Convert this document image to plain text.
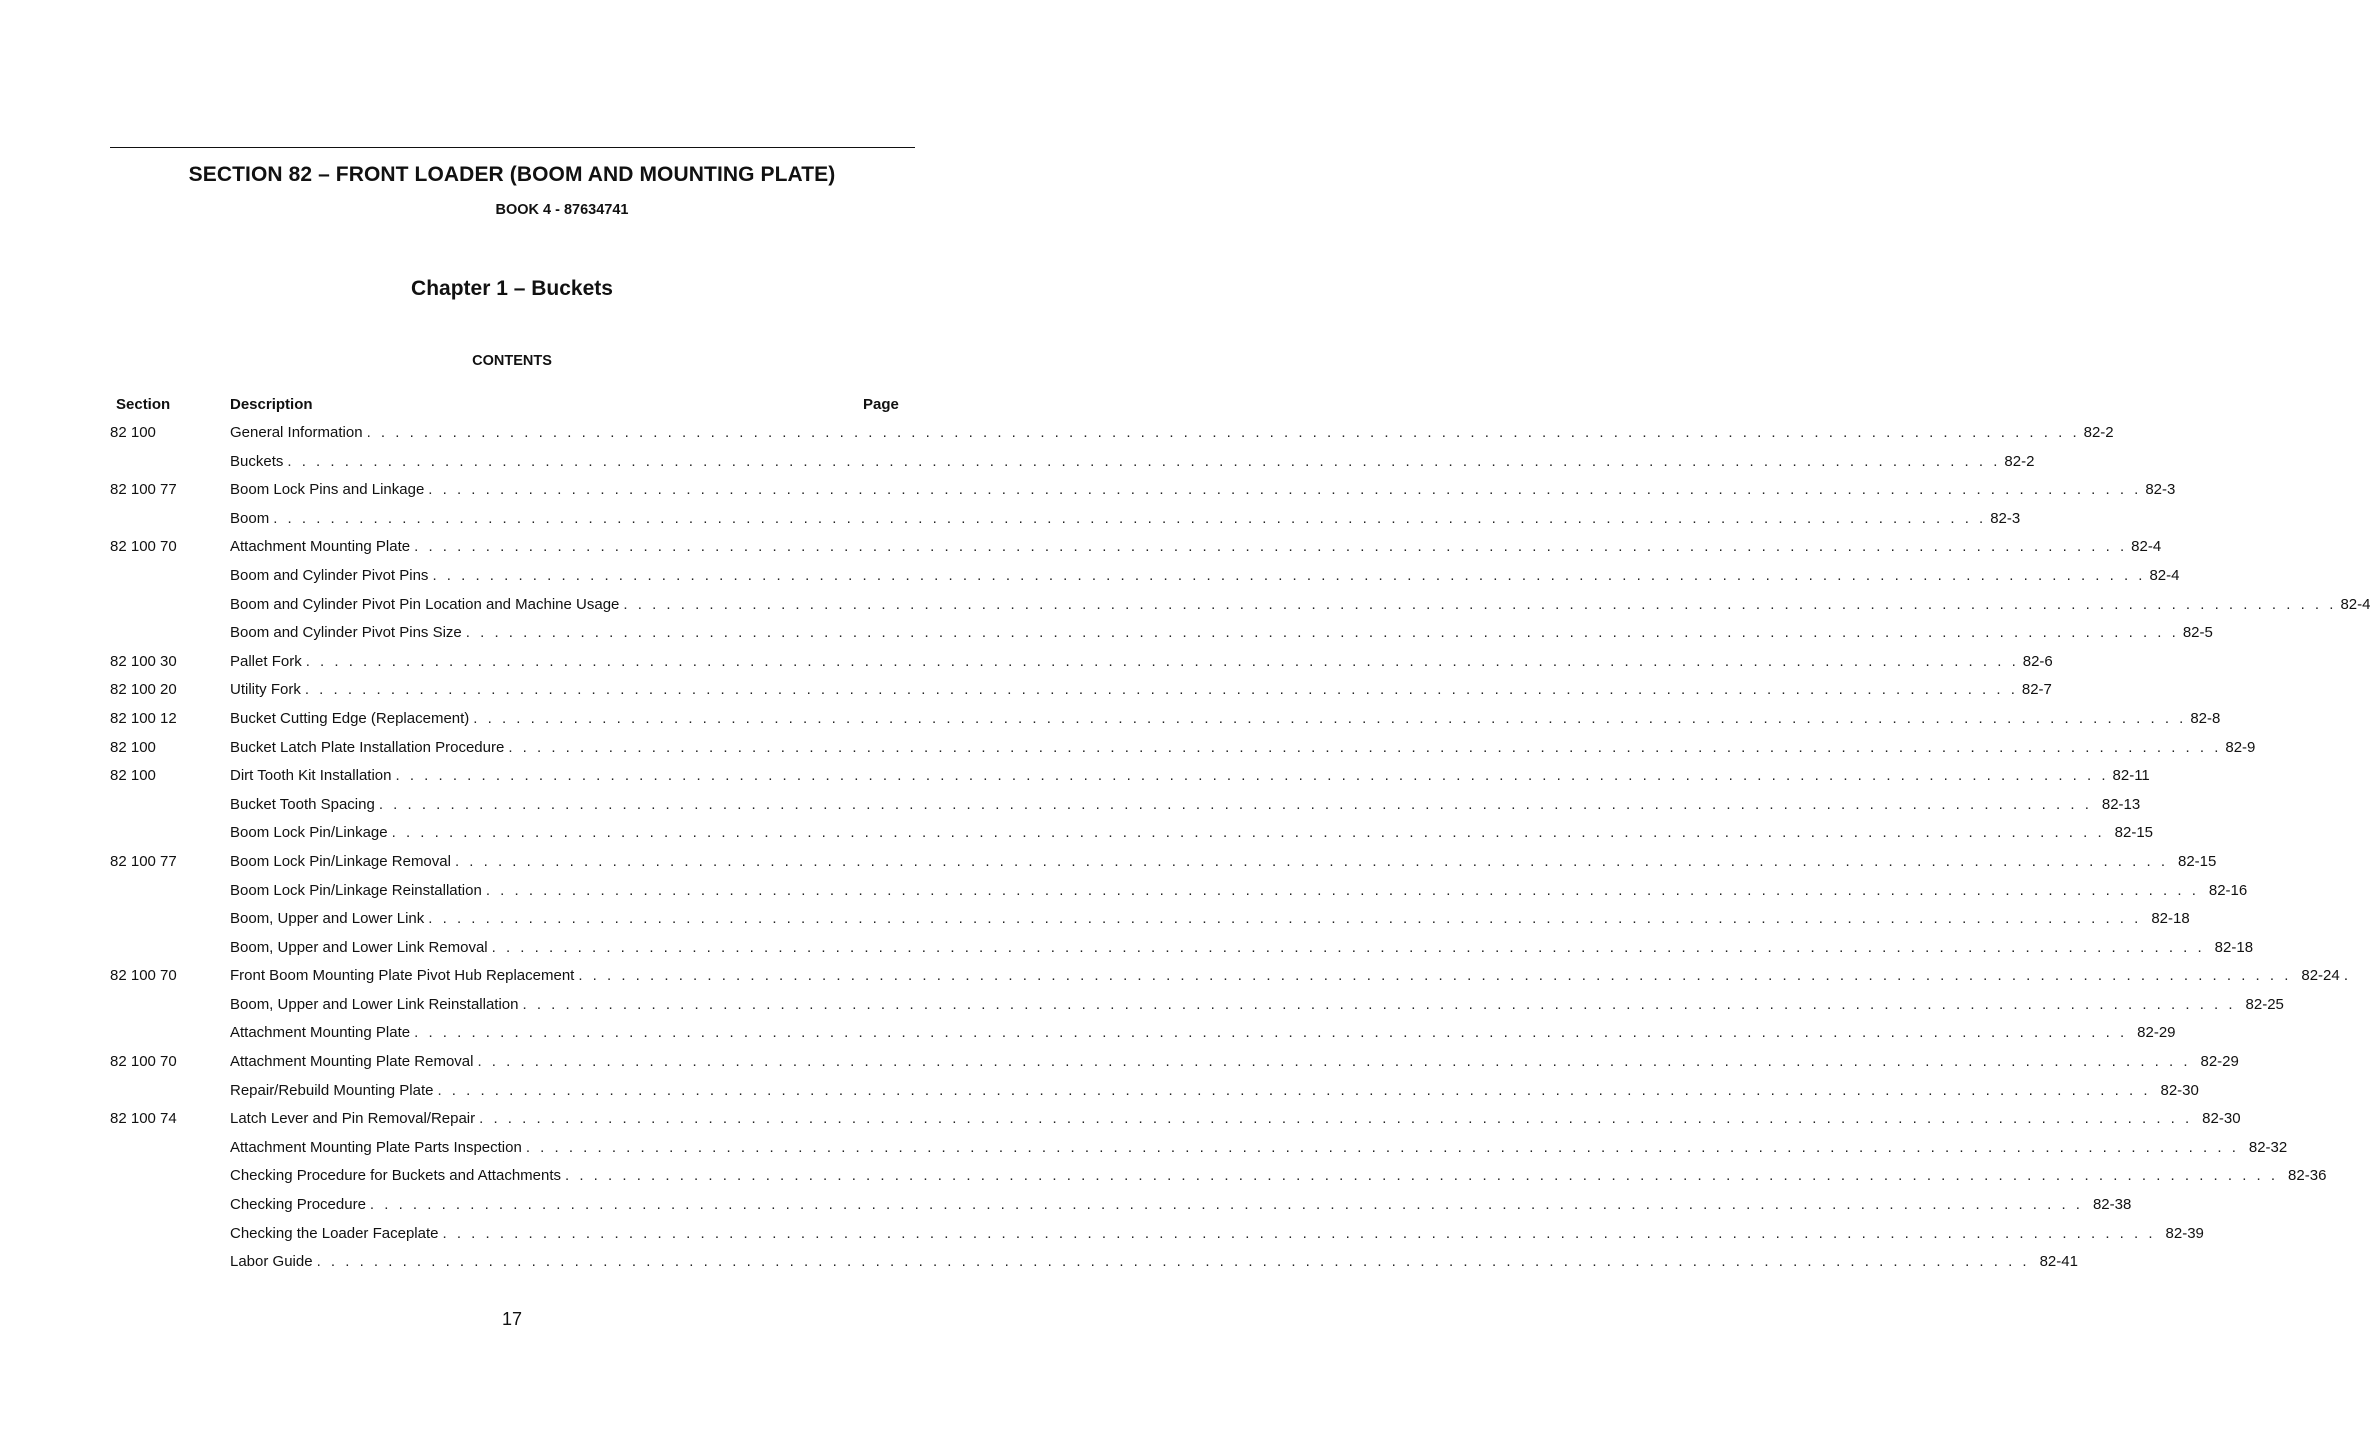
SECTION 82 – FRONT LOADER (BOOM AND MOUNTING PLATE)
BOOK 4 - 87634741
Chapter 1 – Buckets
CONTENTS
Section	Description	Page
82 100	General Information . . . . . . . . . . . . . . . . . . . . . . . . . . . . . . . . . . . . . . . . . . . . . . . . . . . . . . . . . . . . . . . . . . . . . . . . . . . . . . . . . . . . . . . . . . . . . . . . . . . . . . . . . . . . . . . . . . . . . . . . 82-2
Buckets . . . . . . . . . . . . . . . . . . . . . . . . . . . . . . . . . . . . . . . . . . . . . . . . . . . . . . . . . . . . . . . . . . . . . . . . . . . . . . . . . . . . . . . . . . . . . . . . . . . . . . . . . . . . . . . . . . . . . . . . 82-2
82 100 77	Boom Lock Pins and Linkage . . . . . . . . . . . . . . . . . . . . . . . . . . . . . . . . . . . . . . . . . . . . . . . . . . . . . . . . . . . . . . . . . . . . . . . . . . . . . . . . . . . . . . . . . . . . . . . . . . . . . . . . . . . . . . . . . . . . . . . . 82-3
Boom . . . . . . . . . . . . . . . . . . . . . . . . . . . . . . . . . . . . . . . . . . . . . . . . . . . . . . . . . . . . . . . . . . . . . . . . . . . . . . . . . . . . . . . . . . . . . . . . . . . . . . . . . . . . . . . . . . . . . . . . 82-3
82 100 70	Attachment Mounting Plate . . . . . . . . . . . . . . . . . . . . . . . . . . . . . . . . . . . . . . . . . . . . . . . . . . . . . . . . . . . . . . . . . . . . . . . . . . . . . . . . . . . . . . . . . . . . . . . . . . . . . . . . . . . . . . . . . . . . . . . . 82-4
Boom and Cylinder Pivot Pins . . . . . . . . . . . . . . . . . . . . . . . . . . . . . . . . . . . . . . . . . . . . . . . . . . . . . . . . . . . . . . . . . . . . . . . . . . . . . . . . . . . . . . . . . . . . . . . . . . . . . . . . . . . . . . . . . . . . . . . . 82-4
Boom and Cylinder Pivot Pin Location and Machine Usage . . . . . . . . . . . . . . . . . . . . . . . . . . . . . . . . . . . . . . . . . . . . . . . . . . . . . . . . . . . . . . . . . . . . . . . . . . . . . . . . . . . . . . . . . . . . . . . . . . . . . . . . . . . . . . . . . . . . . . . . 82-4
Boom and Cylinder Pivot Pins Size . . . . . . . . . . . . . . . . . . . . . . . . . . . . . . . . . . . . . . . . . . . . . . . . . . . . . . . . . . . . . . . . . . . . . . . . . . . . . . . . . . . . . . . . . . . . . . . . . . . . . . . . . . . . . . . . . . . . . . . . 82-5
82 100 30	Pallet Fork . . . . . . . . . . . . . . . . . . . . . . . . . . . . . . . . . . . . . . . . . . . . . . . . . . . . . . . . . . . . . . . . . . . . . . . . . . . . . . . . . . . . . . . . . . . . . . . . . . . . . . . . . . . . . . . . . . . . . . . . 82-6
82 100 20	Utility Fork . . . . . . . . . . . . . . . . . . . . . . . . . . . . . . . . . . . . . . . . . . . . . . . . . . . . . . . . . . . . . . . . . . . . . . . . . . . . . . . . . . . . . . . . . . . . . . . . . . . . . . . . . . . . . . . . . . . . . . . . 82-7
82 100 12	Bucket Cutting Edge (Replacement) . . . . . . . . . . . . . . . . . . . . . . . . . . . . . . . . . . . . . . . . . . . . . . . . . . . . . . . . . . . . . . . . . . . . . . . . . . . . . . . . . . . . . . . . . . . . . . . . . . . . . . . . . . . . . . . . . . . . . . . . 82-8
82 100	Bucket Latch Plate Installation Procedure . . . . . . . . . . . . . . . . . . . . . . . . . . . . . . . . . . . . . . . . . . . . . . . . . . . . . . . . . . . . . . . . . . . . . . . . . . . . . . . . . . . . . . . . . . . . . . . . . . . . . . . . . . . . . . . . . . . . . . . . 82-9
82 100	Dirt Tooth Kit Installation . . . . . . . . . . . . . . . . . . . . . . . . . . . . . . . . . . . . . . . . . . . . . . . . . . . . . . . . . . . . . . . . . . . . . . . . . . . . . . . . . . . . . . . . . . . . . . . . . . . . . . . . . . . . . . . . . . . . . . . . 82-11
Bucket Tooth Spacing . . . . . . . . . . . . . . . . . . . . . . . . . . . . . . . . . . . . . . . . . . . . . . . . . . . . . . . . . . . . . . . . . . . . . . . . . . . . . . . . . . . . . . . . . . . . . . . . . . . . . . . . . . . . . . . . . . . . . . . . 82-13
Boom Lock Pin/Linkage . . . . . . . . . . . . . . . . . . . . . . . . . . . . . . . . . . . . . . . . . . . . . . . . . . . . . . . . . . . . . . . . . . . . . . . . . . . . . . . . . . . . . . . . . . . . . . . . . . . . . . . . . . . . . . . . . . . . . . . . 82-15
82 100 77	Boom Lock Pin/Linkage Removal . . . . . . . . . . . . . . . . . . . . . . . . . . . . . . . . . . . . . . . . . . . . . . . . . . . . . . . . . . . . . . . . . . . . . . . . . . . . . . . . . . . . . . . . . . . . . . . . . . . . . . . . . . . . . . . . . . . . . . . . 82-15
Boom Lock Pin/Linkage Reinstallation . . . . . . . . . . . . . . . . . . . . . . . . . . . . . . . . . . . . . . . . . . . . . . . . . . . . . . . . . . . . . . . . . . . . . . . . . . . . . . . . . . . . . . . . . . . . . . . . . . . . . . . . . . . . . . . . . . . . . . . . 82-16
Boom, Upper and Lower Link . . . . . . . . . . . . . . . . . . . . . . . . . . . . . . . . . . . . . . . . . . . . . . . . . . . . . . . . . . . . . . . . . . . . . . . . . . . . . . . . . . . . . . . . . . . . . . . . . . . . . . . . . . . . . . . . . . . . . . . . 82-18
Boom, Upper and Lower Link Removal . . . . . . . . . . . . . . . . . . . . . . . . . . . . . . . . . . . . . . . . . . . . . . . . . . . . . . . . . . . . . . . . . . . . . . . . . . . . . . . . . . . . . . . . . . . . . . . . . . . . . . . . . . . . . . . . . . . . . . . . 82-18
82 100 70	Front Boom Mounting Plate Pivot Hub Replacement . . . . . . . . . . . . . . . . . . . . . . . . . . . . . . . . . . . . . . . . . . . . . . . . . . . . . . . . . . . . . . . . . . . . . . . . . . . . . . . . . . . . . . . . . . . . . . . . . . . . . . . . . . . . . . . . . . . . . . . . 82-24 .
Boom, Upper and Lower Link Reinstallation . . . . . . . . . . . . . . . . . . . . . . . . . . . . . . . . . . . . . . . . . . . . . . . . . . . . . . . . . . . . . . . . . . . . . . . . . . . . . . . . . . . . . . . . . . . . . . . . . . . . . . . . . . . . . . . . . . . . . . . . 82-25
Attachment Mounting Plate . . . . . . . . . . . . . . . . . . . . . . . . . . . . . . . . . . . . . . . . . . . . . . . . . . . . . . . . . . . . . . . . . . . . . . . . . . . . . . . . . . . . . . . . . . . . . . . . . . . . . . . . . . . . . . . . . . . . . . . . 82-29
82 100 70	Attachment Mounting Plate Removal . . . . . . . . . . . . . . . . . . . . . . . . . . . . . . . . . . . . . . . . . . . . . . . . . . . . . . . . . . . . . . . . . . . . . . . . . . . . . . . . . . . . . . . . . . . . . . . . . . . . . . . . . . . . . . . . . . . . . . . . 82-29
Repair/Rebuild Mounting Plate . . . . . . . . . . . . . . . . . . . . . . . . . . . . . . . . . . . . . . . . . . . . . . . . . . . . . . . . . . . . . . . . . . . . . . . . . . . . . . . . . . . . . . . . . . . . . . . . . . . . . . . . . . . . . . . . . . . . . . . . 82-30
82 100 74	Latch Lever and Pin Removal/Repair . . . . . . . . . . . . . . . . . . . . . . . . . . . . . . . . . . . . . . . . . . . . . . . . . . . . . . . . . . . . . . . . . . . . . . . . . . . . . . . . . . . . . . . . . . . . . . . . . . . . . . . . . . . . . . . . . . . . . . . . 82-30
Attachment Mounting Plate Parts Inspection . . . . . . . . . . . . . . . . . . . . . . . . . . . . . . . . . . . . . . . . . . . . . . . . . . . . . . . . . . . . . . . . . . . . . . . . . . . . . . . . . . . . . . . . . . . . . . . . . . . . . . . . . . . . . . . . . . . . . . . . 82-32
Checking Procedure for Buckets and Attachments . . . . . . . . . . . . . . . . . . . . . . . . . . . . . . . . . . . . . . . . . . . . . . . . . . . . . . . . . . . . . . . . . . . . . . . . . . . . . . . . . . . . . . . . . . . . . . . . . . . . . . . . . . . . . . . . . . . . . . . . 82-36
Checking Procedure . . . . . . . . . . . . . . . . . . . . . . . . . . . . . . . . . . . . . . . . . . . . . . . . . . . . . . . . . . . . . . . . . . . . . . . . . . . . . . . . . . . . . . . . . . . . . . . . . . . . . . . . . . . . . . . . . . . . . . . . 82-38
Checking the Loader Faceplate . . . . . . . . . . . . . . . . . . . . . . . . . . . . . . . . . . . . . . . . . . . . . . . . . . . . . . . . . . . . . . . . . . . . . . . . . . . . . . . . . . . . . . . . . . . . . . . . . . . . . . . . . . . . . . . . . . . . . . . . 82-39
Labor Guide . . . . . . . . . . . . . . . . . . . . . . . . . . . . . . . . . . . . . . . . . . . . . . . . . . . . . . . . . . . . . . . . . . . . . . . . . . . . . . . . . . . . . . . . . . . . . . . . . . . . . . . . . . . . . . . . . . . . . . . . 82-41
17
